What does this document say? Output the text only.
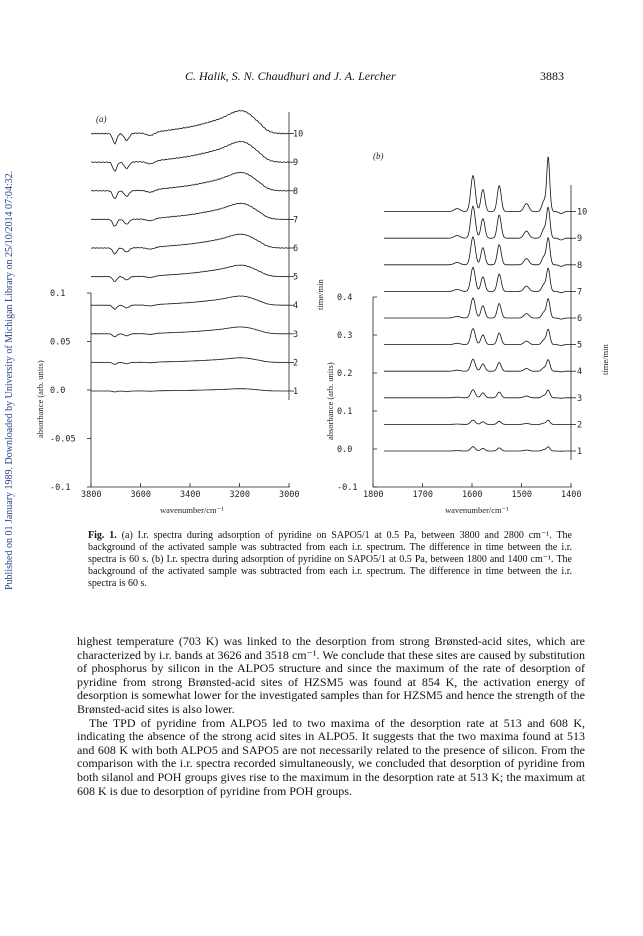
Published on 01 January 1989. Downloaded by University of Michigan Library on 25/10/2014 07:04:32.
C. Halik, S. N. Chaudhuri and J. A. Lercher	3883
(a)
-0.1
-0.05
0.0
0.05
0.1
3800	3600	3400	3200	3000
1
2
3
4
5
6
7
8
9
10
wavenumber/cm⁻¹
absorbance (arb. units)
time/min
(b)
-0.1
0.0
0.1
0.2
0.3
0.4
1800	1700	1600	1500	1400
1
2
3
4
5
6
7
8
9
10
wavenumber/cm⁻¹
absorbance (arb. units)
time/min
Fig. 1. (a) I.r. spectra during adsorption of pyridine on SAPO5/1 at 0.5 Pa, between 3800 and 2800 cm⁻¹. The background of the activated sample was subtracted from each i.r. spectrum. The difference in time between the i.r. spectra is 60 s. (b) I.r. spectra during adsorption of pyridine on SAPO5/1 at 0.5 Pa, between 1800 and 1400 cm⁻¹. The background of the activated sample was subtracted from each i.r. spectrum. The difference in time between the i.r. spectra is 60 s.

highest temperature (703 K) was linked to the desorption from strong Brønsted-acid sites, which are characterized by i.r. bands at 3626 and 3518 cm⁻¹. We conclude that these sites are caused by substitution of phosphorus by silicon in the ALPO5 structure and since the maximum of the rate of desorption of pyridine from strong Brønsted-acid sites of HZSM5 was found at 854 K, the activation energy of desorption is somewhat lower for the investigated samples than for HZSM5 and hence the strength of the Brønsted-acid sites is also lower.

The TPD of pyridine from ALPO5 led to two maxima of the desorption rate at 513 and 608 K, indicating the absence of the strong acid sites in ALPO5. It suggests that the two maxima found at 513 and 608 K with both ALPO5 and SAPO5 are not necessarily related to the presence of silicon. From the comparison with the i.r. spectra recorded simultaneously, we concluded that desorption of pyridine from both silanol and POH groups gives rise to the maximum in the desorption rate at 513 K; the maximum at 608 K is due to desorption of pyridine from POH groups.
